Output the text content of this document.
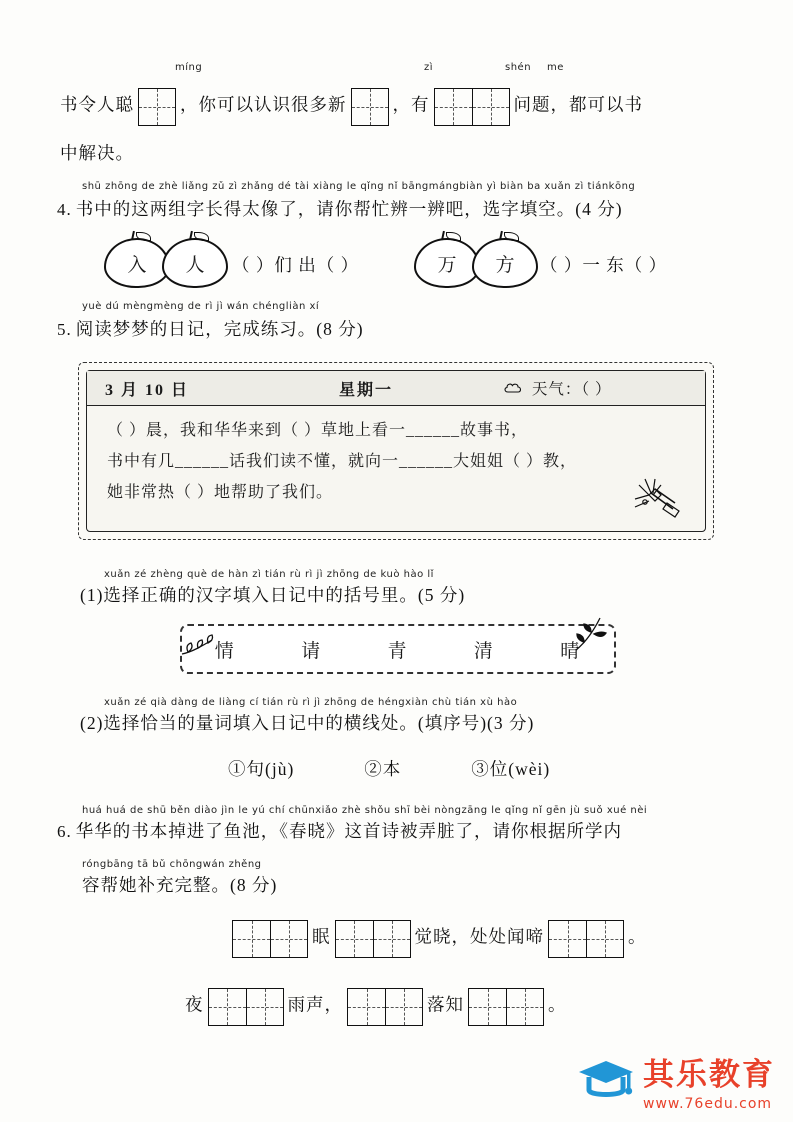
míng	zì	shén me
书令人聪	，你可以认识很多新	，有	问题，都可以书
中解决。
shū zhōng de zhè liǎng zǔ zì zhǎng dé tài xiàng le qǐng nǐ bāngmángbiàn yì biàn ba xuǎn zì tiánkōng
4. 书中的这两组字长得太像了，请你帮忙辨一辨吧，选字填空。(4 分)
入 人 （ ）们 出（ ）	万 方 （ ）一 东（ ）
yuè dú mèngmèng de rì jì wán chéngliàn xí
5. 阅读梦梦的日记，完成练习。(8 分)
3 月 10 日	星期一	天气：（ ）
（ ）晨，我和华华来到（ ）草地上看一______故事书，
书中有几______话我们读不懂，就向一______大姐姐（ ）教，
她非常热（ ）地帮助了我们。
xuǎn zé zhèng què de hàn zì tián rù rì jì zhōng de kuò hào lǐ
(1)选择正确的汉字填入日记中的括号里。(5 分)
情	请	青	清	晴
xuǎn zé qià dàng de liàng cí tián rù rì jì zhōng de héngxiàn chù tián xù hào
(2)选择恰当的量词填入日记中的横线处。(填序号)(3 分)
①句(jù)	②本	③位(wèi)
huá huá de shū běn diào jìn le yú chí chūnxiǎo zhè shǒu shī bèi nòngzāng le qǐng nǐ gēn jù suǒ xué nèi
6. 华华的书本掉进了鱼池，《春晓》这首诗被弄脏了，请你根据所学内
róngbāng tā bǔ chōngwán zhěng
容帮她补充完整。(8 分)
眠	觉晓，处处闻啼	。
夜	雨声，	落知	。
其乐教育
www.76edu.com
